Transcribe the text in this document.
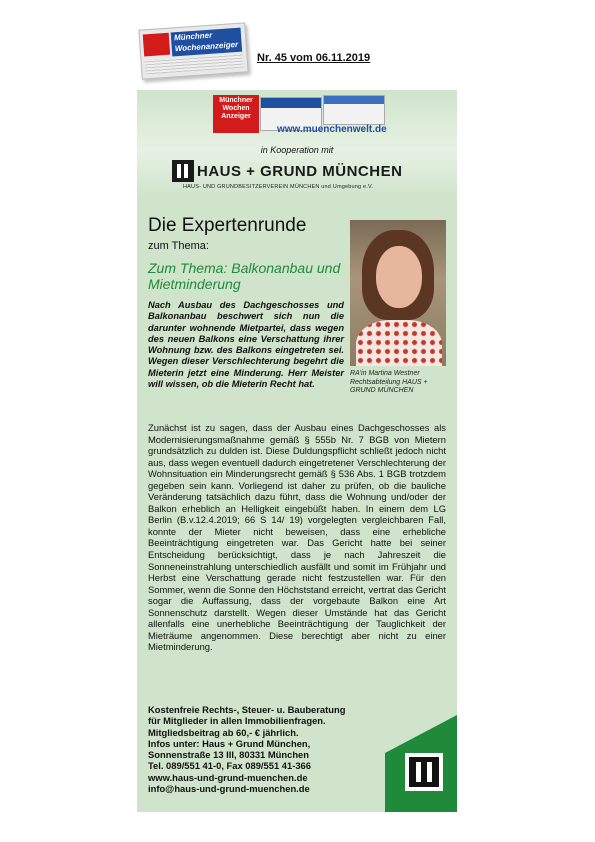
Münchner Wochenanzeiger
Nr. 45 vom 06.11.2019
Münchner Wochen Anzeiger
www.muenchenwelt.de
in Kooperation mit
HAUS + GRUND MÜNCHEN
HAUS- UND GRUNDBESITZERVEREIN MÜNCHEN und Umgebung e.V.
Die Expertenrunde
zum Thema:
Zum Thema: Balkonanbau und Mietminderung
Nach Ausbau des Dachgeschosses und Balkonanbau beschwert sich nun die darunter wohnende Mietpartei, dass wegen des neuen Balkons eine Verschattung ihrer Wohnung bzw. des Balkons eingetreten sei. Wegen dieser Verschlechterung begehrt die Mieterin jetzt eine Minderung. Herr Meister will wissen, ob die Mieterin Recht hat.
RA'in Martina Westner Rechtsabteilung HAUS + GRUND MÜNCHEN
Zunächst ist zu sagen, dass der Ausbau eines Dachgeschosses als Modernisierungsmaßnahme gemäß § 555b Nr. 7 BGB von Mietern grundsätzlich zu dulden ist. Diese Duldungspflicht schließt jedoch nicht aus, dass wegen eventuell dadurch eingetretener Verschlechterung der Wohnsituation ein Minderungsrecht gemäß § 536 Abs. 1 BGB trotzdem gegeben sein kann. Vorliegend ist daher zu prüfen, ob die bauliche Veränderung tatsächlich dazu führt, dass die Wohnung und/oder der Balkon erheblich an Helligkeit eingebüßt haben. In einem dem LG Berlin (B.v.12.4.2019; 66 S 14/ 19) vorgelegten vergleichbaren Fall, konnte der Mieter nicht beweisen, dass eine erhebliche Beeinträchtigung eingetreten war. Das Gericht hatte bei seiner Entscheidung berücksichtigt, dass je nach Jahreszeit die Sonneneinstrahlung unterschiedlich ausfällt und somit im Frühjahr und Herbst eine Verschattung gerade nicht festzustellen war. Für den Sommer, wenn die Sonne den Höchststand erreicht, vertrat das Gericht sogar die Auffassung, dass der vorgebaute Balkon eine Art Sonnenschutz darstellt. Wegen dieser Umstände hat das Gericht allenfalls eine unerhebliche Beeinträchtigung der Tauglichkeit der Mieträume angenommen. Diese berechtigt aber nicht zu einer Mietminderung.
Kostenfreie Rechts-, Steuer- u. Bauberatung
für Mitglieder in allen Immobilienfragen.
Mitgliedsbeitrag ab 60,- € jährlich.
Infos unter: Haus + Grund München,
Sonnenstraße 13 III, 80331 München
Tel. 089/551 41-0, Fax 089/551 41-366
www.haus-und-grund-muenchen.de
info@haus-und-grund-muenchen.de
